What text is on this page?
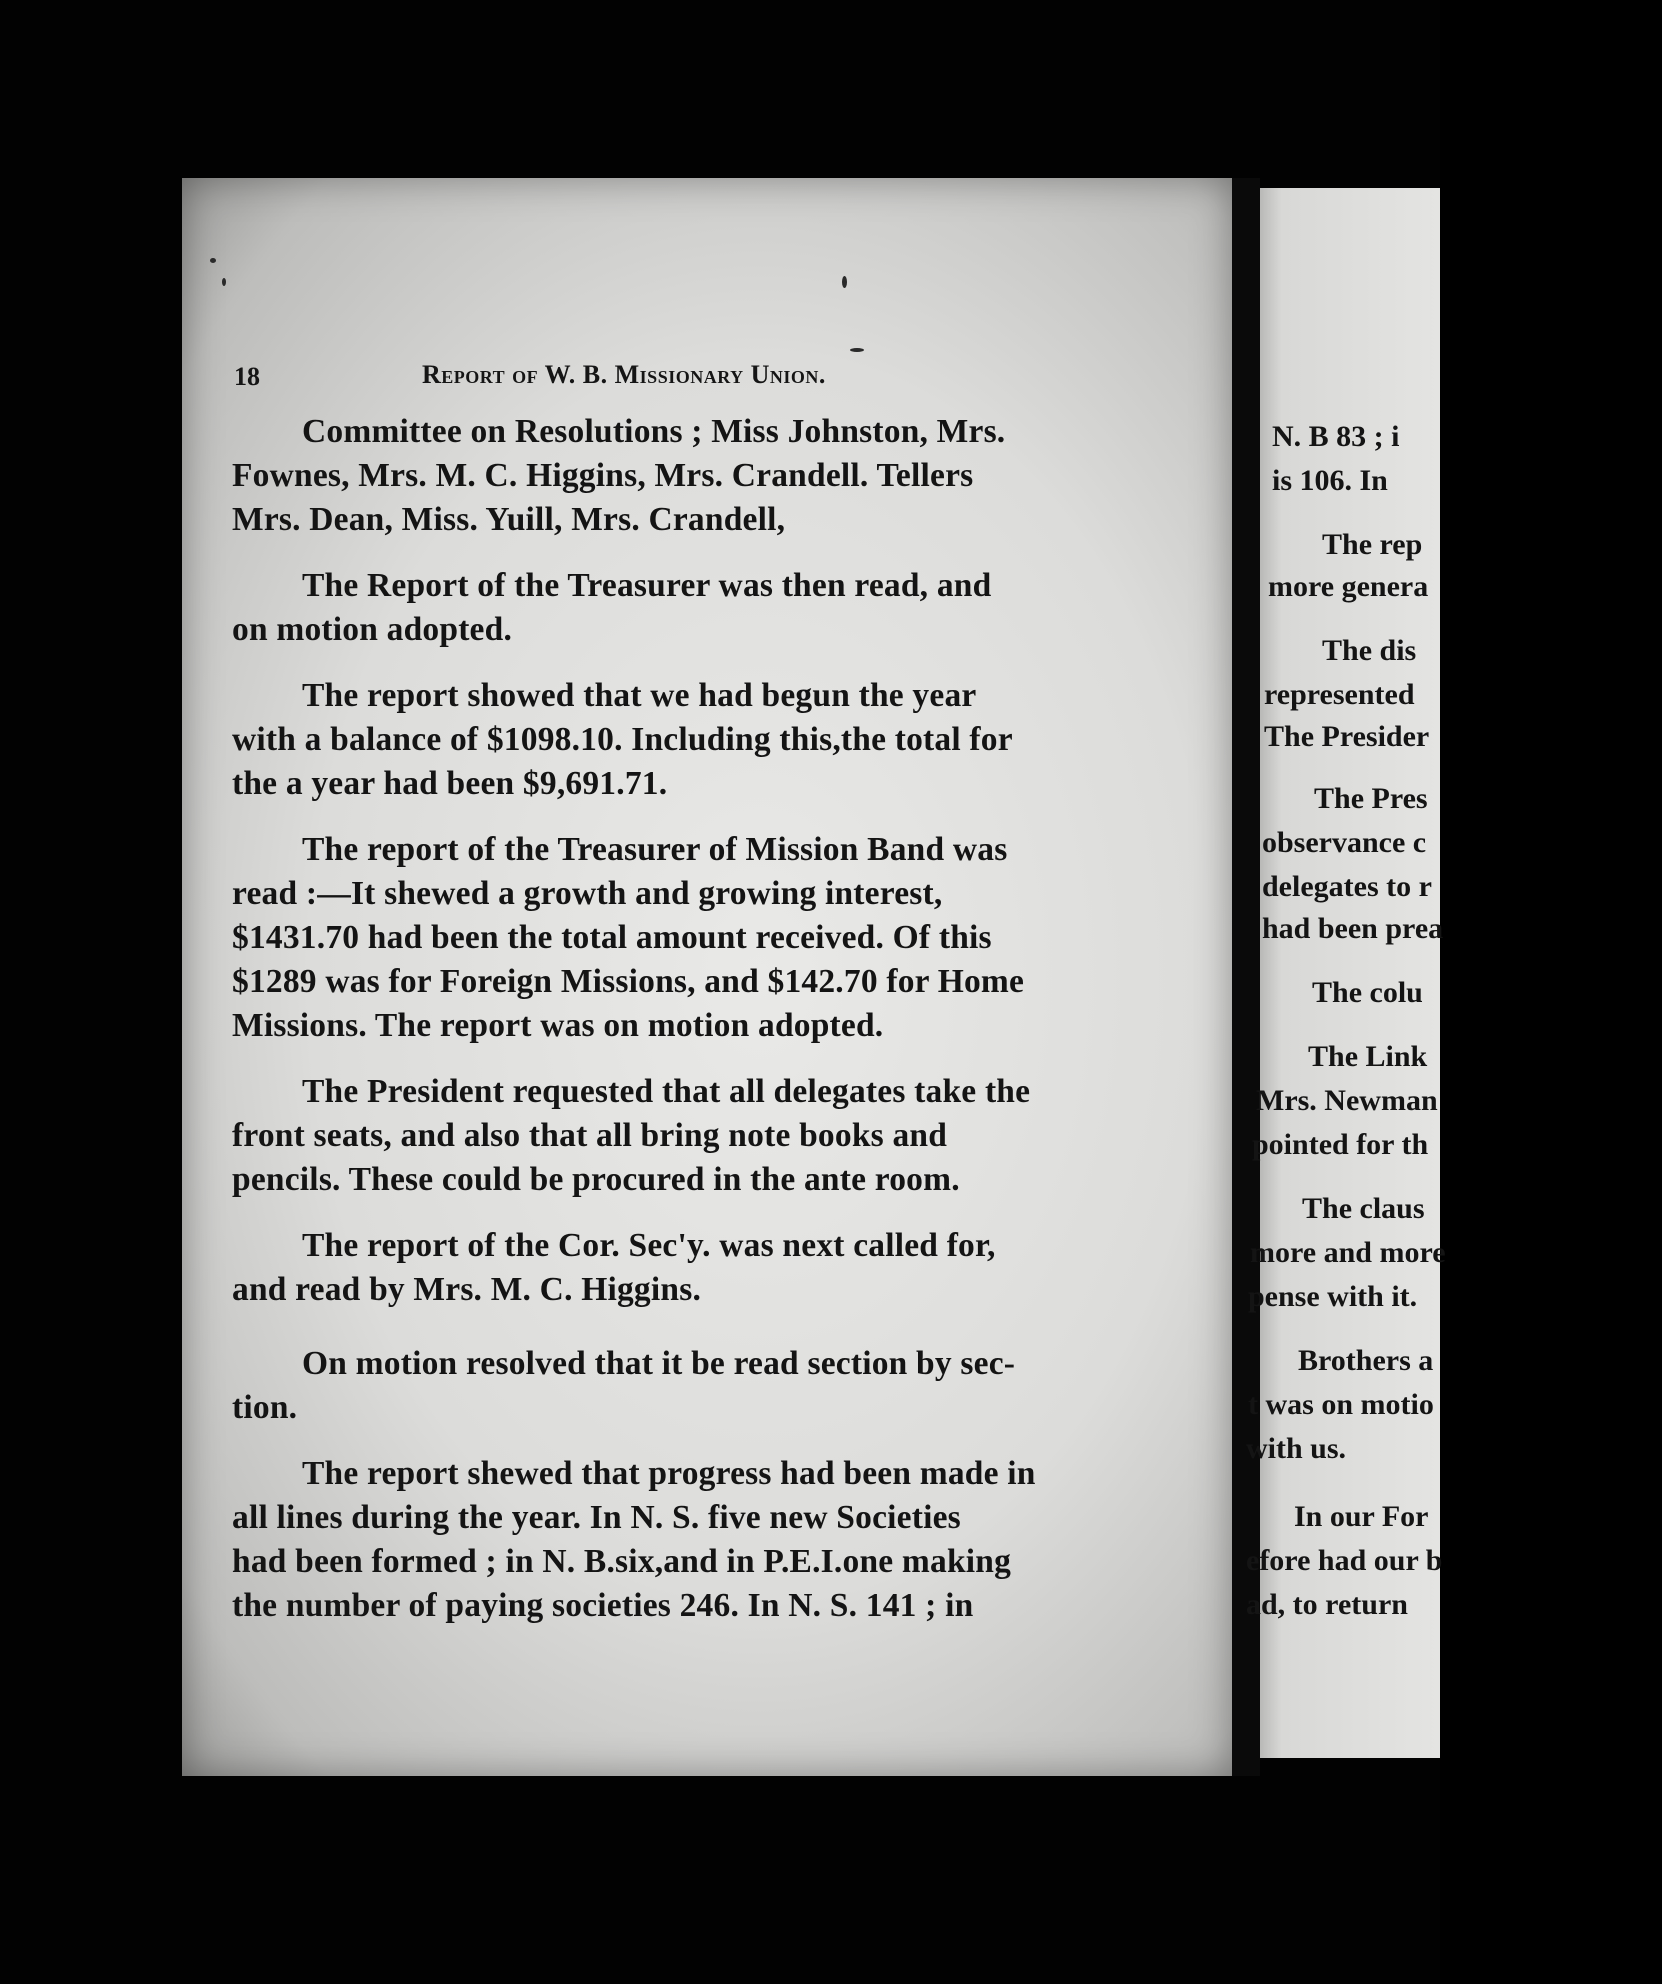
18	Report of W. B. Missionary Union.

Committee on Resolutions ; Miss Johnston, Mrs.
Fownes, Mrs. M. C. Higgins, Mrs. Crandell. Tellers
Mrs. Dean, Miss. Yuill, Mrs. Crandell,

The Report of the Treasurer was then read, and
on motion adopted.

The report showed that we had begun the year
with a balance of $1098.10. Including this,the total for
the a year had been $9,691.71.

The report of the Treasurer of Mission Band was
read :—It shewed a growth and growing interest,
$1431.70 had been the total amount received. Of this
$1289 was for Foreign Missions, and $142.70 for Home
Missions. The report was on motion adopted.

The President requested that all delegates take the
front seats, and also that all bring note books and
pencils. These could be procured in the ante room.

The report of the Cor. Sec'y. was next called for,
and read by Mrs. M. C. Higgins.

On motion resolved that it be read section by sec-
tion.

The report shewed that progress had been made in
all lines during the year. In N. S. five new Societies
had been formed ; in N. B.six,and in P.E.I.one making
the number of paying societies 246. In N. S. 141 ; in

N. B 83 ; i
is 106. In
The rep
more genera
The dis
represented
The Presider
The Pres
observance c
delegates to r
had been prea
The colu
The Link
Mrs. Newman
pointed for th
The claus
more and more
pense with it.
Brothers a
t was on motio
with us.
In our For
efore had our b
ad, to return
